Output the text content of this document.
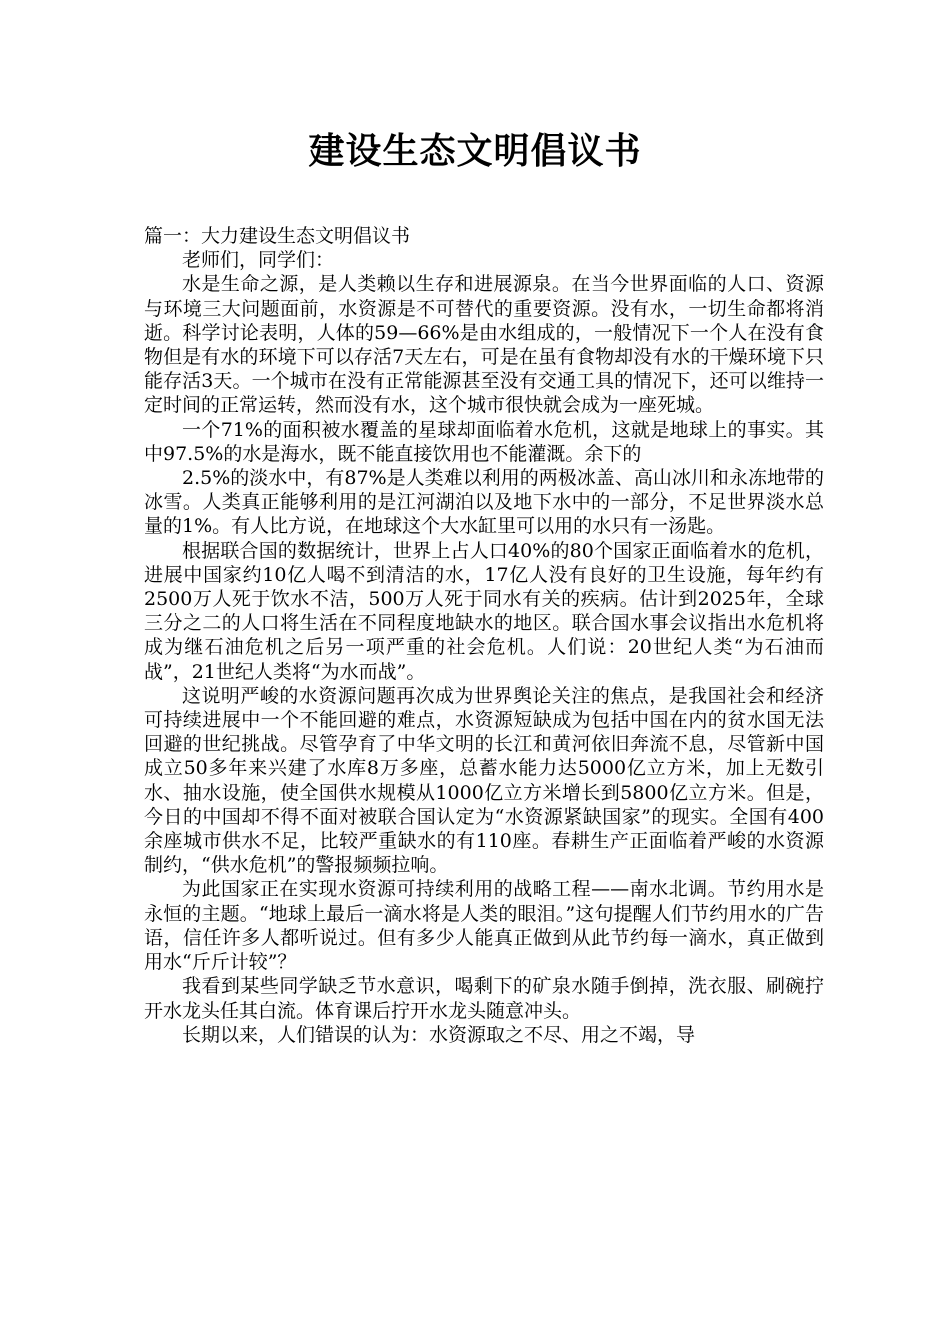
建设生态文明倡议书

篇一：大力建设生态文明倡议书

老师们，同学们：

水是生命之源，是人类赖以生存和进展源泉。在当今世界面临的人口、资源与环境三大问题面前，水资源是不可替代的重要资源。没有水，一切生命都将消逝。科学讨论表明，人体的59—66%是由水组成的，一般情况下一个人在没有食物但是有水的环境下可以存活7天左右，可是在虽有食物却没有水的干燥环境下只能存活3天。一个城市在没有正常能源甚至没有交通工具的情况下，还可以维持一定时间的正常运转，然而没有水，这个城市很快就会成为一座死城。

一个71%的面积被水覆盖的星球却面临着水危机，这就是地球上的事实。其中97.5%的水是海水，既不能直接饮用也不能灌溉。余下的

2.5%的淡水中，有87%是人类难以利用的两极冰盖、高山冰川和永冻地带的冰雪。人类真正能够利用的是江河湖泊以及地下水中的一部分，不足世界淡水总量的1%。有人比方说，在地球这个大水缸里可以用的水只有一汤匙。

根据联合国的数据统计，世界上占人口40%的80个国家正面临着水的危机，进展中国家约10亿人喝不到清洁的水，17亿人没有良好的卫生设施，每年约有2500万人死于饮水不洁，500万人死于同水有关的疾病。估计到2025年，全球三分之二的人口将生活在不同程度地缺水的地区。联合国水事会议指出水危机将成为继石油危机之后另一项严重的社会危机。人们说：20世纪人类“为石油而战”，21世纪人类将“为水而战”。

这说明严峻的水资源问题再次成为世界舆论关注的焦点，是我国社会和经济可持续进展中一个不能回避的难点，水资源短缺成为包括中国在内的贫水国无法回避的世纪挑战。尽管孕育了中华文明的长江和黄河依旧奔流不息，尽管新中国成立50多年来兴建了水库8万多座，总蓄水能力达5000亿立方米，加上无数引水、抽水设施，使全国供水规模从1000亿立方米增长到5800亿立方米。但是，今日的中国却不得不面对被联合国认定为“水资源紧缺国家”的现实。全国有400余座城市供水不足，比较严重缺水的有110座。春耕生产正面临着严峻的水资源制约，“供水危机”的警报频频拉响。

为此国家正在实现水资源可持续利用的战略工程——南水北调。节约用水是永恒的主题。“地球上最后一滴水将是人类的眼泪。”这句提醒人们节约用水的广告语，信任许多人都听说过。但有多少人能真正做到从此节约每一滴水，真正做到用水“斤斤计较”？

我看到某些同学缺乏节水意识，喝剩下的矿泉水随手倒掉，洗衣服、刷碗拧开水龙头任其白流。体育课后拧开水龙头随意冲头。

长期以来，人们错误的认为：水资源取之不尽、用之不竭，导
